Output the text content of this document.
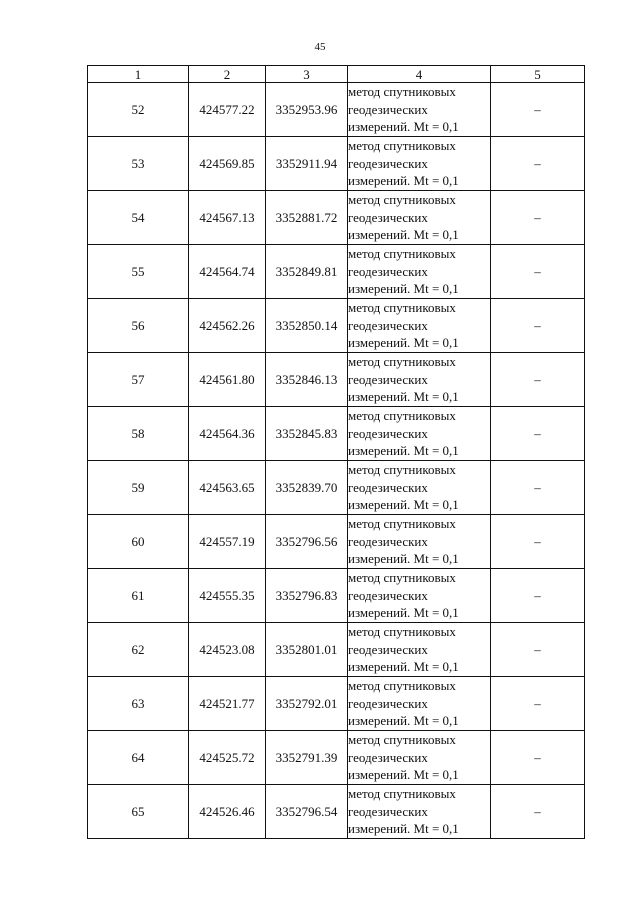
45
1	2	3	4	5
52	424577.22	3352953.96	метод спутниковых
геодезических
измерений. Mt = 0,1	–
53	424569.85	3352911.94	метод спутниковых
геодезических
измерений. Mt = 0,1	–
54	424567.13	3352881.72	метод спутниковых
геодезических
измерений. Mt = 0,1	–
55	424564.74	3352849.81	метод спутниковых
геодезических
измерений. Mt = 0,1	–
56	424562.26	3352850.14	метод спутниковых
геодезических
измерений. Mt = 0,1	–
57	424561.80	3352846.13	метод спутниковых
геодезических
измерений. Mt = 0,1	–
58	424564.36	3352845.83	метод спутниковых
геодезических
измерений. Mt = 0,1	–
59	424563.65	3352839.70	метод спутниковых
геодезических
измерений. Mt = 0,1	–
60	424557.19	3352796.56	метод спутниковых
геодезических
измерений. Mt = 0,1	–
61	424555.35	3352796.83	метод спутниковых
геодезических
измерений. Mt = 0,1	–
62	424523.08	3352801.01	метод спутниковых
геодезических
измерений. Mt = 0,1	–
63	424521.77	3352792.01	метод спутниковых
геодезических
измерений. Mt = 0,1	–
64	424525.72	3352791.39	метод спутниковых
геодезических
измерений. Mt = 0,1	–
65	424526.46	3352796.54	метод спутниковых
геодезических
измерений. Mt = 0,1	–
